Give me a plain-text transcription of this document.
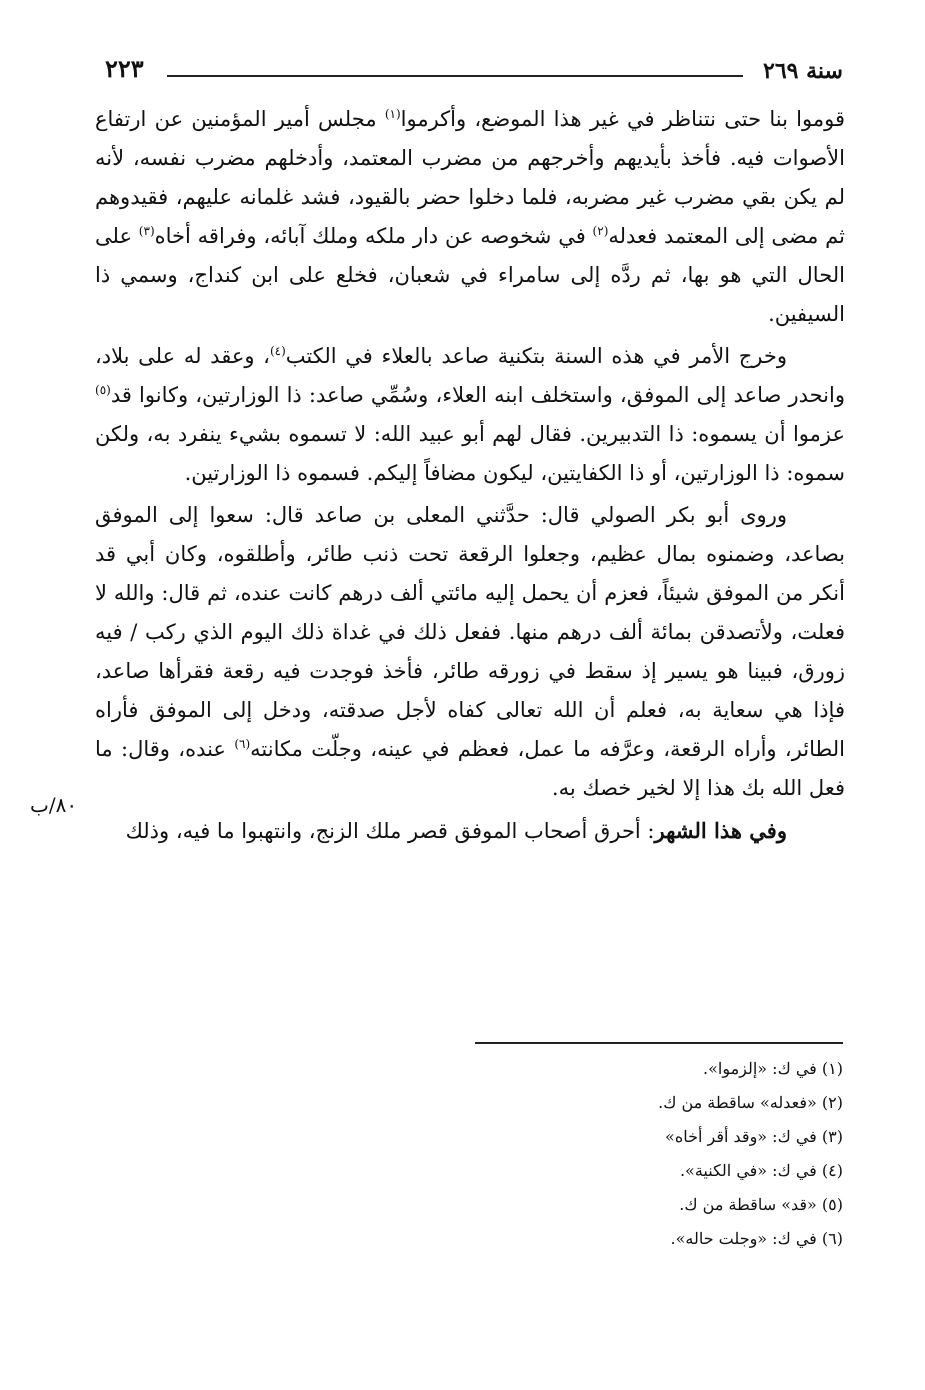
سنة ٢٦٩
٢٢٣

قوموا بنا حتى نتناظر في غير هذا الموضع، وأكرموا$^{(١)}$ مجلس أمير المؤمنين عن ارتفاع الأصوات فيه. فأخذ بأيديهم وأخرجهم من مضرب المعتمد، وأدخلهم مضرب نفسه، لأنه لم يكن بقي مضرب غير مضربه، فلما دخلوا حضر بالقيود، فشد غلمانه عليهم، فقيدوهم ثم مضى إلى المعتمد فعدله$^{(٢)}$ في شخوصه عن دار ملكه وملك آبائه، وفراقه أخاه$^{(٣)}$ على الحال التي هو بها، ثم ردَّه إلى سامراء في شعبان، فخلع على ابن كنداج، وسمي ذا السيفين.

وخرج الأمر في هذه السنة بتكنية صاعد بالعلاء في الكتب$^{(٤)}$، وعقد له على بلاد، وانحدر صاعد إلى الموفق، واستخلف ابنه العلاء، وسُمِّي صاعد: ذا الوزارتين، وكانوا قد$^{(٥)}$ عزموا أن يسموه: ذا التدبيرين. فقال لهم أبو عبيد الله: لا تسموه بشيء ينفرد به، ولكن سموه: ذا الوزارتين، أو ذا الكفايتين، ليكون مضافاً إليكم. فسموه ذا الوزارتين.

وروى أبو بكر الصولي قال: حدَّثني المعلى بن صاعد قال: سعوا إلى الموفق بصاعد، وضمنوه بمال عظيم، وجعلوا الرقعة تحت ذنب طائر، وأطلقوه، وكان أبي قد أنكر من الموفق شيئاً، فعزم أن يحمل إليه مائتي ألف درهم كانت عنده، ثم قال: والله لا فعلت، ولأتصدقن بمائة ألف درهم منها. ففعل ذلك في غداة ذلك اليوم الذي ركب / فيه زورق، فبينا هو يسير إذ سقط في زورقه طائر، فأخذ فوجدت فيه رقعة فقرأها صاعد، فإذا هي سعاية به، فعلم أن الله تعالى كفاه لأجل صدقته، ودخل إلى الموفق فأراه الطائر، وأراه الرقعة، وعرَّفه ما عمل، فعظم في عينه، وجلّت مكانته$^{(٦)}$ عنده، وقال: ما فعل الله بك هذا إلا لخير خصك به.

وفي هذا الشهر: أحرق أصحاب الموفق قصر ملك الزنج، وانتهبوا ما فيه، وذلك

٨٠/ب

(١) في ك: «إلزموا».

(٢) «فعدله» ساقطة من ك.

(٣) في ك: «وقد أقر أخاه»

(٤) في ك: «في الكنية».

(٥) «قد» ساقطة من ك.

(٦) في ك: «وجلت حاله».
